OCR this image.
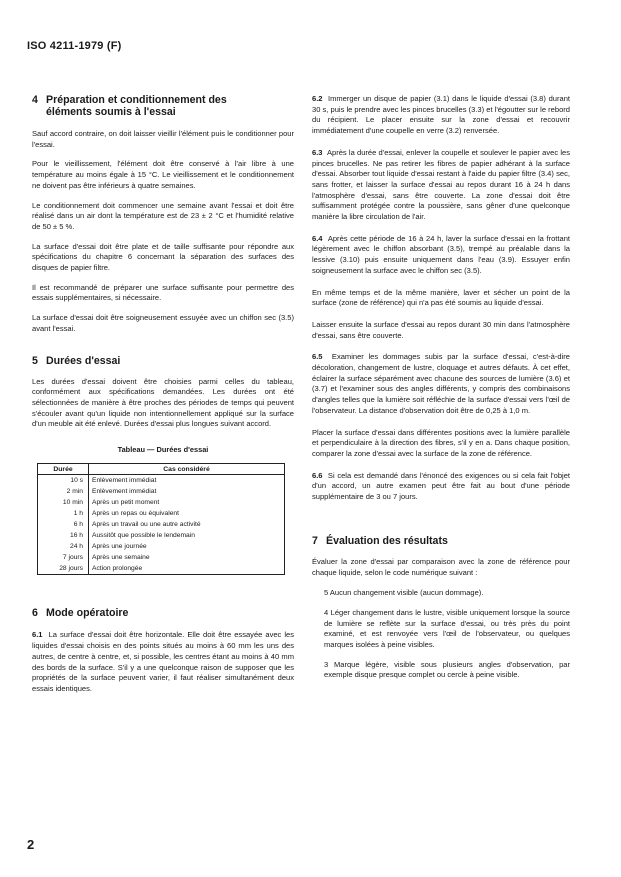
ISO 4211-1979 (F)
4 Préparation et conditionnement des
éléments soumis à l'essai

Sauf accord contraire, on doit laisser vieillir l'élément puis le conditionner pour l'essai.

Pour le vieillissement, l'élément doit être conservé à l'air libre à une température au moins égale à 15 °C. Le vieillissement et le conditionnement ne doivent pas être inférieurs à quatre semaines.

Le conditionnement doit commencer une semaine avant l'essai et doit être réalisé dans un air dont la température est de 23 ± 2 °C et l'humidité relative de 50 ± 5 %.

La surface d'essai doit être plate et de taille suffisante pour répondre aux spécifications du chapitre 6 concernant la séparation des surfaces des disques de papier filtre.

Il est recommandé de préparer une surface suffisante pour permettre des essais supplémentaires, si nécessaire.

La surface d'essai doit être soigneusement essuyée avec un chiffon sec (3.5) avant l'essai.

5 Durées d'essai

Les durées d'essai doivent être choisies parmi celles du tableau, conformément aux spécifications demandées. Les durées ont été sélectionnées de manière à être proches des périodes de temps qui peuvent s'écouler avant qu'un liquide non intentionnellement appliqué sur la surface d'un meuble ait été enlevé. Durées d'essai plus longues suivant accord.

Tableau — Durées d'essai
Durée	Cas considéré
10 s	Enlèvement immédiat
2 min	Enlèvement immédiat
10 min	Après un petit moment
1 h	Après un repas ou équivalent
6 h	Après un travail ou une autre activité
16 h	Aussitôt que possible le lendemain
24 h	Après une journée
7 jours	Après une semaine
28 jours	Action prolongée
6 Mode opératoire

6.1 La surface d'essai doit être horizontale. Elle doit être essayée avec les liquides d'essai choisis en des points situés au moins à 60 mm les uns des autres, de centre à centre, et, si possible, les centres étant au moins à 40 mm des bords de la surface. S'il y a une quelconque raison de supposer que les propriétés de la surface peuvent varier, il faut réaliser simultanément deux essais identiques.

6.2 Immerger un disque de papier (3.1) dans le liquide d'essai (3.8) durant 30 s, puis le prendre avec les pinces brucelles (3.3) et l'égoutter sur le rebord du récipient. Le placer ensuite sur la zone d'essai et recouvrir immédiatement d'une coupelle en verre (3.2) renversée.

6.3 Après la durée d'essai, enlever la coupelle et soulever le papier avec les pinces brucelles. Ne pas retirer les fibres de papier adhérant à la surface d'essai. Absorber tout liquide d'essai restant à l'aide du papier filtre (3.4) sec, sans frotter, et laisser la surface d'essai au repos durant 16 à 24 h dans l'atmosphère d'essai, sans être couverte. La zone d'essai doit être suffisamment protégée contre la poussière, sans gêner d'une quelconque manière la libre circulation de l'air.

6.4 Après cette période de 16 à 24 h, laver la surface d'essai en la frottant légèrement avec le chiffon absorbant (3.5), trempé au préalable dans la lessive (3.10) puis ensuite uniquement dans l'eau (3.9). Essuyer enfin soigneusement la surface avec le chiffon sec (3.5).

En même temps et de la même manière, laver et sécher un point de la surface (zone de référence) qui n'a pas été soumis au liquide d'essai.

Laisser ensuite la surface d'essai au repos durant 30 min dans l'atmosphère d'essai, sans être couverte.

6.5 Examiner les dommages subis par la surface d'essai, c'est-à-dire décoloration, changement de lustre, cloquage et autres défauts. À cet effet, éclairer la surface séparément avec chacune des sources de lumière (3.6) et (3.7) et l'examiner sous des angles différents, y compris des combinaisons d'angles telles que la lumière soit réfléchie de la surface d'essai vers l'œil de l'observateur. La distance d'observation doit être de 0,25 à 1,0 m.

Placer la surface d'essai dans différentes positions avec la lumière parallèle et perpendiculaire à la direction des fibres, s'il y en a. Dans chaque position, comparer la zone d'essai avec la surface de la zone de référence.

6.6 Si cela est demandé dans l'énoncé des exigences ou si cela fait l'objet d'un accord, un autre examen peut être fait au bout d'une période supplémentaire de 3 ou 7 jours.

7 Évaluation des résultats

Évaluer la zone d'essai par comparaison avec la zone de référence pour chaque liquide, selon le code numérique suivant :

5 Aucun changement visible (aucun dommage).

4 Léger changement dans le lustre, visible uniquement lorsque la source de lumière se reflète sur la surface d'essai, ou très près du point examiné, et est renvoyée vers l'œil de l'observateur, ou quelques marques isolées à peine visibles.

3 Marque légère, visible sous plusieurs angles d'observation, par exemple disque presque complet ou cercle à peine visible.

2
